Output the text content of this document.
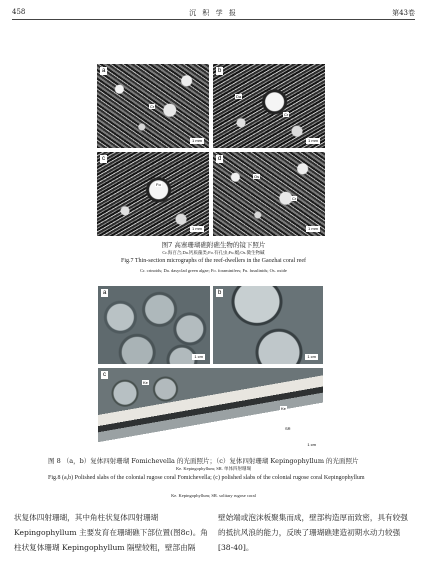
458	沉 积 学 报	第43卷
a
Cr
1 mm
b
Da
Cr
1 mm
c
Fo
1 mm
d
Os
Cr
1 mm
图7 高寨珊瑚礁附礁生物的镜下照片
Cr.海百合;Da.钙质藻类;Fo.有孔虫;Fu.蜓;Os.微生物碱
Fig.7 Thin-section micrographs of the reef-dwellers in the Gaozhai coral reef
Cr. crinoids; Da. dasyclad green algae; Fo. foraminifers; Fu. fusulinids; Os. oxide
a
1 cm
b
1 cm
c
Ke
Ke
SR
1 cm
图 8 （a，b）复体四射珊瑚 Fomichevella 的光面照片；（c）复体四射珊瑚 Kepingophyllum 的光面照片
Ke. Kepingophyllum; SR. 单体四射珊瑚
Fig.8 (a,b) Polished slabs of the colonial rugose coral Fomichevella; (c) polished slabs of the colonial rugose coral Kepingophyllum
Ke. Kepingophyllum; SR. solitary rugose coral
状复体四射珊瑚，其中角柱状复体四射珊瑚 Kepingophyllum 主要发育在珊瑚礁下部位置(图8c)。角柱状复体珊瑚 Kepingophyllum 隔壁较粗，壁部由隔
壁始端或泡沫板聚集而成，壁部构造厚而致密，具有较强的抵抗风浪的能力，反映了珊瑚礁建造初期水动力较强[38-40]。
